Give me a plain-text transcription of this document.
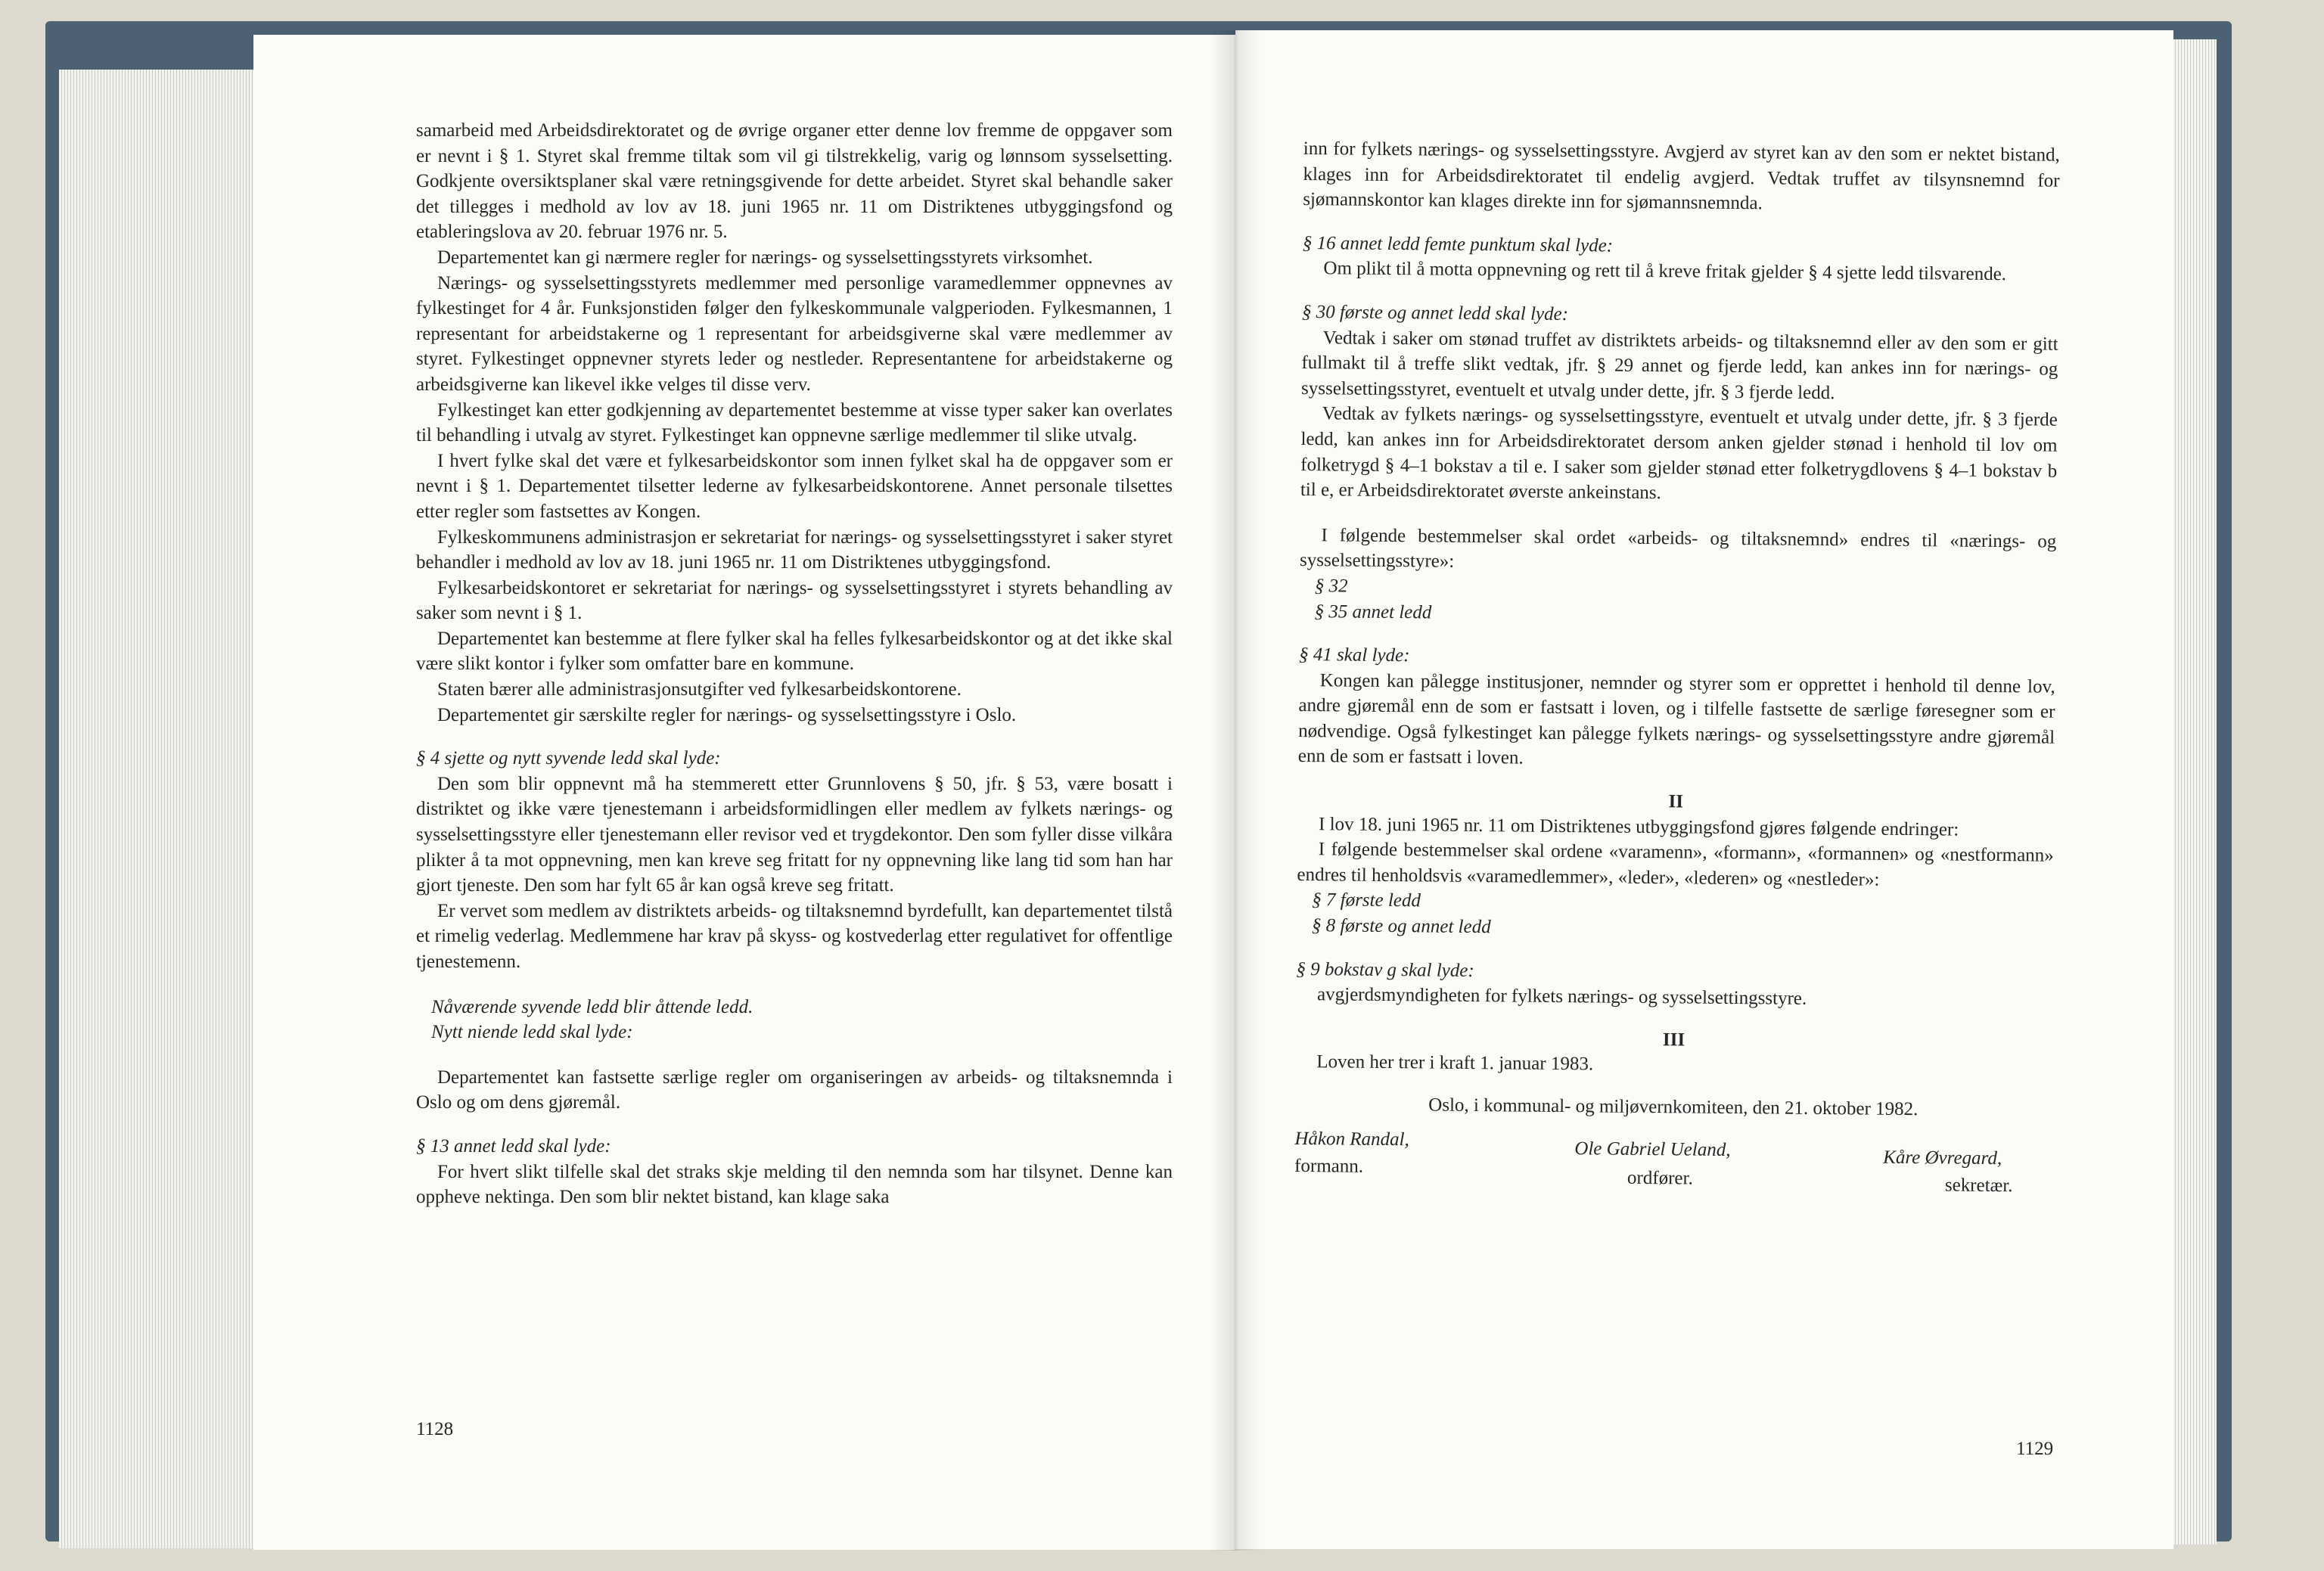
samarbeid med Arbeidsdirektoratet og de øvrige organer etter denne lov fremme de oppgaver som er nevnt i § 1. Styret skal fremme tiltak som vil gi tilstrekkelig, varig og lønnsom sysselsetting. Godkjente oversiktsplaner skal være retningsgivende for dette arbeidet. Styret skal behandle saker det tillegges i medhold av lov av 18. juni 1965 nr. 11 om Distriktenes utbyggingsfond og etableringslova av 20. februar 1976 nr. 5.

Departementet kan gi nærmere regler for nærings- og sysselsettingsstyrets virksomhet.

Nærings- og sysselsettingsstyrets medlemmer med personlige varamedlemmer oppnevnes av fylkestinget for 4 år. Funksjonstiden følger den fylkeskommunale valgperioden. Fylkesmannen, 1 representant for arbeidstakerne og 1 representant for arbeidsgiverne skal være medlemmer av styret. Fylkestinget oppnevner styrets leder og nestleder. Representantene for arbeidstakerne og arbeidsgiverne kan likevel ikke velges til disse verv.

Fylkestinget kan etter godkjenning av departementet bestemme at visse typer saker kan overlates til behandling i utvalg av styret. Fylkestinget kan oppnevne særlige medlemmer til slike utvalg.

I hvert fylke skal det være et fylkesarbeidskontor som innen fylket skal ha de oppgaver som er nevnt i § 1. Departementet tilsetter lederne av fylkesarbeidskontorene. Annet personale tilsettes etter regler som fastsettes av Kongen.

Fylkeskommunens administrasjon er sekretariat for nærings- og sysselsettingsstyret i saker styret behandler i medhold av lov av 18. juni 1965 nr. 11 om Distriktenes utbyggingsfond.

Fylkesarbeidskontoret er sekretariat for nærings- og sysselsettingsstyret i styrets behandling av saker som nevnt i § 1.

Departementet kan bestemme at flere fylker skal ha felles fylkesarbeidskontor og at det ikke skal være slikt kontor i fylker som omfatter bare en kommune.

Staten bærer alle administrasjonsutgifter ved fylkesarbeidskontorene.

Departementet gir særskilte regler for nærings- og sysselsettingsstyre i Oslo.

§ 4 sjette og nytt syvende ledd skal lyde:

Den som blir oppnevnt må ha stemmerett etter Grunnlovens § 50, jfr. § 53, være bosatt i distriktet og ikke være tjenestemann i arbeidsformidlingen eller medlem av fylkets nærings- og sysselsettingsstyre eller tjenestemann eller revisor ved et trygdekontor. Den som fyller disse vilkåra plikter å ta mot oppnevning, men kan kreve seg fritatt for ny oppnevning like lang tid som han har gjort tjeneste. Den som har fylt 65 år kan også kreve seg fritatt.

Er vervet som medlem av distriktets arbeids- og tiltaksnemnd byrdefullt, kan departementet tilstå et rimelig vederlag. Medlemmene har krav på skyss- og kostvederlag etter regulativet for offentlige tjenestemenn.

Nåværende syvende ledd blir åttende ledd.

Nytt niende ledd skal lyde:

Departementet kan fastsette særlige regler om organiseringen av arbeids- og tiltaksnemnda i Oslo og om dens gjøremål.

§ 13 annet ledd skal lyde:

For hvert slikt tilfelle skal det straks skje melding til den nemnda som har tilsynet. Denne kan oppheve nektinga. Den som blir nektet bistand, kan klage saka

1128

inn for fylkets nærings- og sysselsettingsstyre. Avgjerd av styret kan av den som er nektet bistand, klages inn for Arbeidsdirektoratet til endelig avgjerd. Vedtak truffet av tilsynsnemnd for sjømannskontor kan klages direkte inn for sjømannsnemnda.

§ 16 annet ledd femte punktum skal lyde:

Om plikt til å motta oppnevning og rett til å kreve fritak gjelder § 4 sjette ledd tilsvarende.

§ 30 første og annet ledd skal lyde:

Vedtak i saker om stønad truffet av distriktets arbeids- og tiltaksnemnd eller av den som er gitt fullmakt til å treffe slikt vedtak, jfr. § 29 annet og fjerde ledd, kan ankes inn for nærings- og sysselsettingsstyret, eventuelt et utvalg under dette, jfr. § 3 fjerde ledd.

Vedtak av fylkets nærings- og sysselsettingsstyre, eventuelt et utvalg under dette, jfr. § 3 fjerde ledd, kan ankes inn for Arbeidsdirektoratet dersom anken gjelder stønad i henhold til lov om folketrygd § 4–1 bokstav a til e. I saker som gjelder stønad etter folketrygdlovens § 4–1 bokstav b til e, er Arbeidsdirektoratet øverste ankeinstans.

I følgende bestemmelser skal ordet «arbeids- og tiltaksnemnd» endres til «nærings- og sysselsettingsstyre»:

§ 32

§ 35 annet ledd

§ 41 skal lyde:

Kongen kan pålegge institusjoner, nemnder og styrer som er opprettet i henhold til denne lov, andre gjøremål enn de som er fastsatt i loven, og i tilfelle fastsette de særlige føresegner som er nødvendige. Også fylkestinget kan pålegge fylkets nærings- og sysselsettingsstyre andre gjøremål enn de som er fastsatt i loven.

II

I lov 18. juni 1965 nr. 11 om Distriktenes utbyggingsfond gjøres følgende endringer:

I følgende bestemmelser skal ordene «varamenn», «formann», «formannen» og «nestformann» endres til henholdsvis «varamedlemmer», «leder», «lederen» og «nestleder»:

§ 7 første ledd

§ 8 første og annet ledd

§ 9 bokstav g skal lyde:

avgjerdsmyndigheten for fylkets nærings- og sysselsettingsstyre.

III

Loven her trer i kraft 1. januar 1983.

Oslo, i kommunal- og miljøvernkomiteen, den 21. oktober 1982.

Håkon Randal,
formann.
Ole Gabriel Ueland,
ordfører.
Kåre Øvregard,
sekretær.
1129
